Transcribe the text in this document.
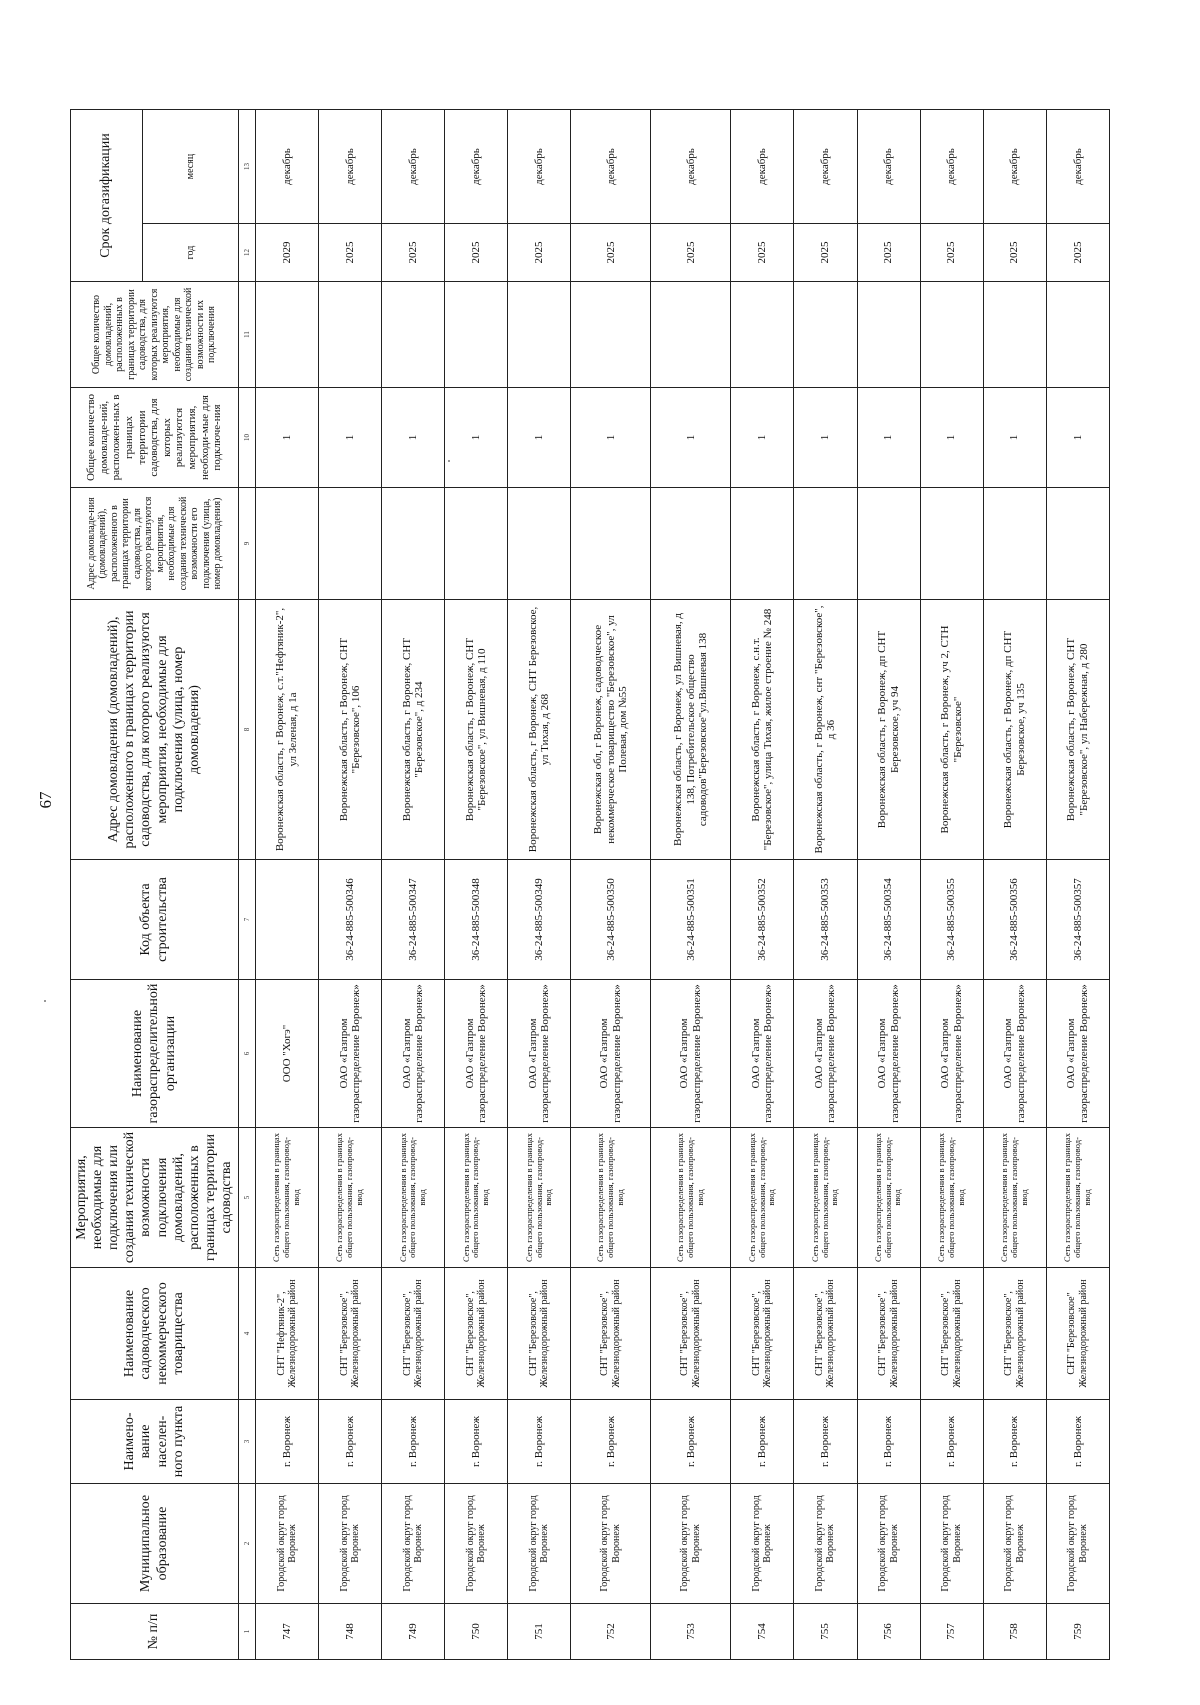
67
№ п/п	Муниципальное образование	Наимено-вание населен-ного пункта	Наименование садоводческого некоммерческого товарищества	Мероприятия, необходимые для подключения или создания технической возможности подключения домовладений, расположенных в границах территории садоводства	Наименование газораспределительной организации	Код объекта строительства	Адрес домовладения (домовладений), расположенного в границах территории садоводства, для которого реализуются мероприятия, необходимые для подключения (улица, номер домовладения)	Адрес домовладе-ния (домовладений), расположенного в границах территории садоводства, для которого реализуются мероприятия, необходимые для создания технической возможности его подключения (улица, номер домовладения)	Общее количество домовладе-ний, расположен-ных в границах территории садоводства, для которых реализуются мероприятия, необходи-мые для подключе-ния	Общее количество домовладений, расположенных в границах территории садоводства, для которых реализуются мероприятия, необходимые для создания технической возможности их подключения	Срок догазификации	
											год	месяц
1	2	3	4	5	6	7	8	9	10	11	12	13
747	Городской округ город Воронеж	г. Воронеж	СНТ "Нефтяник-2", Железнодорожный район	Сеть газораспределения в границах общего пользования, газопровод-ввод	ООО "Хогэ"		Воронежская область, г Воронеж, с.т."Нефтяник-2", ул Зеленая, д 1а		1		2029	декабрь
748	Городской округ город Воронеж	г. Воронеж	СНТ "Березовское", Железнодорожный район	Сеть газораспределения в границах общего пользования, газопровод-ввод	ОАО «Газпром газораспределение Воронеж»	36-24-885-500346	Воронежская область, г Воронеж, СНТ "Березовское", 106		1		2025	декабрь
749	Городской округ город Воронеж	г. Воронеж	СНТ "Березовское", Железнодорожный район	Сеть газораспределения в границах общего пользования, газопровод-ввод	ОАО «Газпром газораспределение Воронеж»	36-24-885-500347	Воронежская область, г Воронеж, СНТ "Березовское", д 234		1		2025	декабрь
750	Городской округ город Воронеж	г. Воронеж	СНТ "Березовское", Железнодорожный район	Сеть газораспределения в границах общего пользования, газопровод-ввод	ОАО «Газпром газораспределение Воронеж»	36-24-885-500348	Воронежская область, г Воронеж, СНТ "Березовское", ул Вишневая, д 110		1		2025	декабрь
751	Городской округ город Воронеж	г. Воронеж	СНТ "Березовское", Железнодорожный район	Сеть газораспределения в границах общего пользования, газопровод-ввод	ОАО «Газпром газораспределение Воронеж»	36-24-885-500349	Воронежская область, г Воронеж, СНТ Березовское, ул Тихая, д 268		1		2025	декабрь
752	Городской округ город Воронеж	г. Воронеж	СНТ "Березовское", Железнодорожный район	Сеть газораспределения в границах общего пользования, газопровод-ввод	ОАО «Газпром газораспределение Воронеж»	36-24-885-500350	Воронежская обл, г Воронеж, садоводческое некоммерческое товарищество "Березовское", ул Полевая, дом №55		1		2025	декабрь
753	Городской округ город Воронеж	г. Воронеж	СНТ "Березовское", Железнодорожный район	Сеть газораспределения в границах общего пользования, газопровод-ввод	ОАО «Газпром газораспределение Воронеж»	36-24-885-500351	Воронежская область, г Воронеж, ул Вишневая, д 138, Потребительское общество садоводов"Березовское"ул.Вишневая 138		1		2025	декабрь
754	Городской округ город Воронеж	г. Воронеж	СНТ "Березовское", Железнодорожный район	Сеть газораспределения в границах общего пользования, газопровод-ввод	ОАО «Газпром газораспределение Воронеж»	36-24-885-500352	Воронежская область, г Воронеж, с.н.т. "Березовское", улица Тихая, жилое строение № 248		1		2025	декабрь
755	Городской округ город Воронеж	г. Воронеж	СНТ "Березовское", Железнодорожный район	Сеть газораспределения в границах общего пользования, газопровод-ввод	ОАО «Газпром газораспределение Воронеж»	36-24-885-500353	Воронежская область, г Воронеж, снт "Березовское", д 36		1		2025	декабрь
756	Городской округ город Воронеж	г. Воронеж	СНТ "Березовское", Железнодорожный район	Сеть газораспределения в границах общего пользования, газопровод-ввод	ОАО «Газпром газораспределение Воронеж»	36-24-885-500354	Воронежская область, г Воронеж, дп СНТ Березовское, уч 94		1		2025	декабрь
757	Городской округ город Воронеж	г. Воронеж	СНТ "Березовское", Железнодорожный район	Сеть газораспределения в границах общего пользования, газопровод-ввод	ОАО «Газпром газораспределение Воронеж»	36-24-885-500355	Воронежская область, г Воронеж, уч 2, СТН "Березовское"		1		2025	декабрь
758	Городской округ город Воронеж	г. Воронеж	СНТ "Березовское", Железнодорожный район	Сеть газораспределения в границах общего пользования, газопровод-ввод	ОАО «Газпром газораспределение Воронеж»	36-24-885-500356	Воронежская область, г Воронеж, дп СНТ Березовское, уч 135		1		2025	декабрь
759	Городской округ город Воронеж	г. Воронеж	СНТ "Березовское" Железнодорожный район	Сеть газораспределения в границах общего пользования, газопровод-ввод	ОАО «Газпром газораспределение Воронеж»	36-24-885-500357	Воронежская область, г Воронеж, СНТ "Березовское", ул Набережная, д 280		1		2025	декабрь
